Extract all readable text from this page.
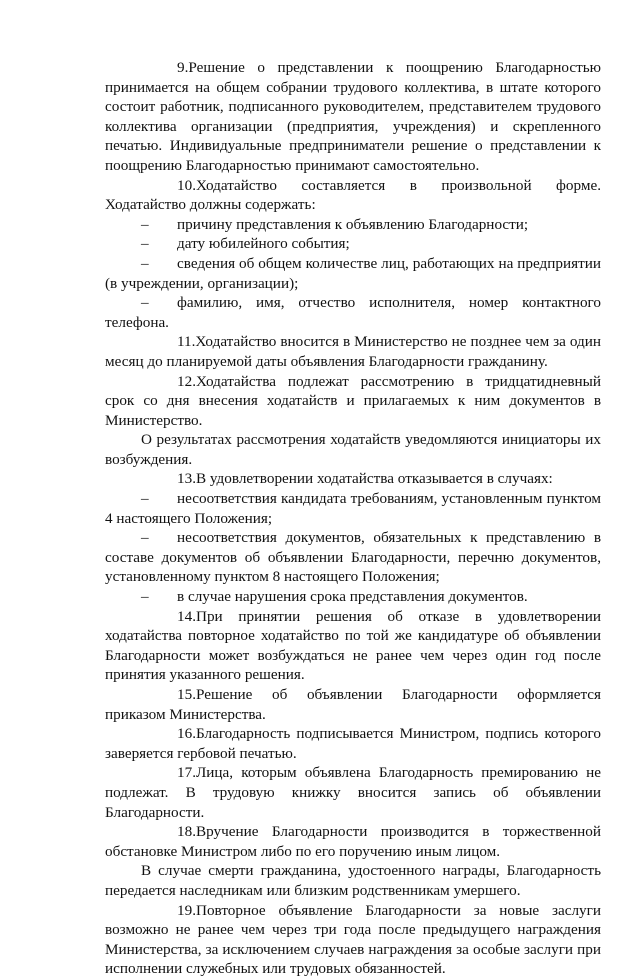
9.Решение о представлении к поощрению Благодарностью принимается на общем собрании трудового коллектива, в штате которого состоит работник, подписанного руководителем, представителем трудового коллектива организации (предприятия, учреждения) и скрепленного печатью. Индивидуальные предприниматели решение о представлении к поощрению Благодарностью принимают самостоятельно.

10.Ходатайство составляется в произвольной форме. Ходатайство должны содержать:

– причину представления к объявлению Благодарности;

– дату юбилейного события;

– сведения об общем количестве лиц, работающих на предприятии (в учреждении, организации);

– фамилию, имя, отчество исполнителя, номер контактного телефона.

11.Ходатайство вносится в Министерство не позднее чем за один месяц до планируемой даты объявления Благодарности гражданину.

12.Ходатайства подлежат рассмотрению в тридцатидневный срок со дня внесения ходатайств и прилагаемых к ним документов в Министерство.

О результатах рассмотрения ходатайств уведомляются инициаторы их возбуждения.

13.В удовлетворении ходатайства отказывается в случаях:

– несоответствия кандидата требованиям, установленным пунктом 4 настоящего Положения;

– несоответствия документов, обязательных к представлению в составе документов об объявлении Благодарности, перечню документов, установленному пунктом 8 настоящего Положения;

– в случае нарушения срока представления документов.

14.При принятии решения об отказе в удовлетворении ходатайства повторное ходатайство по той же кандидатуре об объявлении Благодарности может возбуждаться не ранее чем через один год после принятия указанного решения.

15.Решение об объявлении Благодарности оформляется приказом Министерства.

16.Благодарность подписывается Министром, подпись которого заверяется гербовой печатью.

17.Лица, которым объявлена Благодарность премированию не подлежат. В трудовую книжку вносится запись об объявлении Благодарности.

18.Вручение Благодарности производится в торжественной обстановке Министром либо по его поручению иным лицом.

В случае смерти гражданина, удостоенного награды, Благодарность передается наследникам или близким родственникам умершего.

19.Повторное объявление Благодарности за новые заслуги возможно не ранее чем через три года после предыдущего награждения Министерства, за исключением случаев награждения за особые заслуги при исполнении служебных или трудовых обязанностей.
